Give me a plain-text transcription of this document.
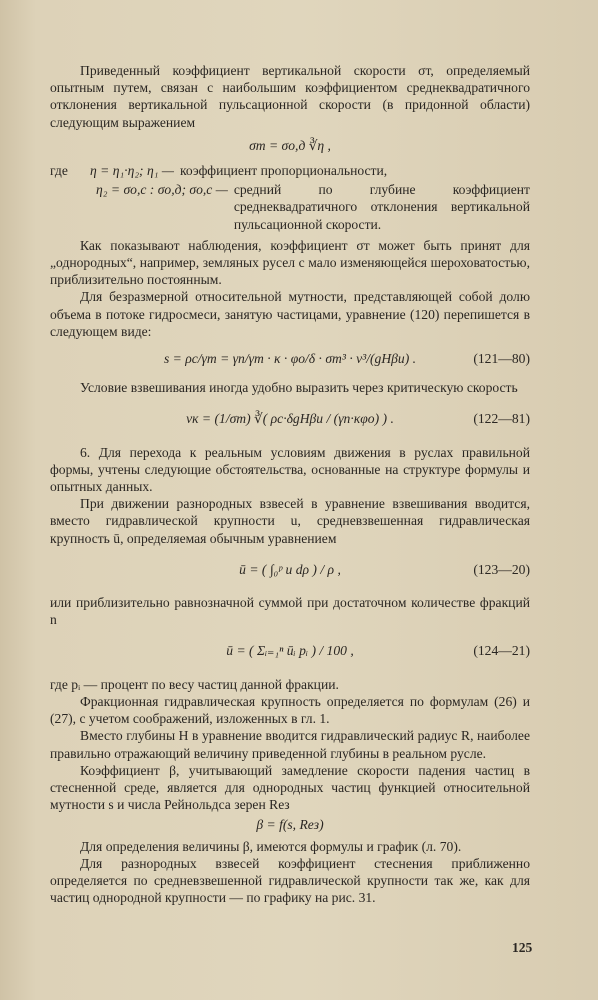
Приведенный коэффициент вертикальной скорости σт, определяемый опытным путем, связан с наибольшим коэффициентом среднеквадратичного отклонения вертикальной пульсационной скорости (в придонной области) следующим выражением

σт = σо,д ∛η ,
где	η = η₁·η₂; η₁ — коэффициент пропорциональности,
η₂ = σо,с : σо,д; σо,с — средний по глубине коэффициент среднеквадратичного отклонения вертикальной пульсационной скорости.

Как показывают наблюдения, коэффициент σт может быть принят для „однородных“, например, земляных русел с мало изменяющейся шероховатостью, приблизительно постоянным.

Для безразмерной относительной мутности, представляющей собой долю объема в потоке гидросмеси, занятую частицами, уравнение (120) перепишется в следующем виде:

s = ρс/γт = γп/γт · κ · φо/δ · σт³ · v³/(gHβu) .	(121—80)

Условие взвешивания иногда удобно выразить через критическую скорость

vк = (1/σт) ∛( ρс·δgHβu / (γп·κφо) ) .	(122—81)

6. Для перехода к реальным условиям движения в руслах правильной формы, учтены следующие обстоятельства, основанные на структуре формулы и опытных данных.

При движении разнородных взвесей в уравнение взвешивания вводится, вместо гидравлической крупности u, средневзвешенная гидравлическая крупность ū, определяемая обычным уравнением

ū = ( ∫₀ᵖ u dρ ) / ρ ,	(123—20)

или приблизительно равнозначной суммой при достаточном количестве фракций n

ū = ( Σᵢ₌₁ⁿ ūᵢ pᵢ ) / 100 ,	(124—21)

где pᵢ — процент по весу частиц данной фракции.

Фракционная гидравлическая крупность определяется по формулам (26) и (27), с учетом соображений, изложенных в гл. 1.

Вместо глубины H в уравнение вводится гидравлический радиус R, наиболее правильно отражающий величину приведенной глубины в реальном русле.

Коэффициент β, учитывающий замедление скорости падения частиц в стесненной среде, является для однородных частиц функцией относительной мутности s и числа Рейнольдса зерен Reз

β = f(s, Reз)

Для определения величины β, имеются формулы и график (л. 70).

Для разнородных взвесей коэффициент стеснения приближенно определяется по средневзвешенной гидравлической крупности так же, как для частиц однородной крупности — по графику на рис. 31.

125
